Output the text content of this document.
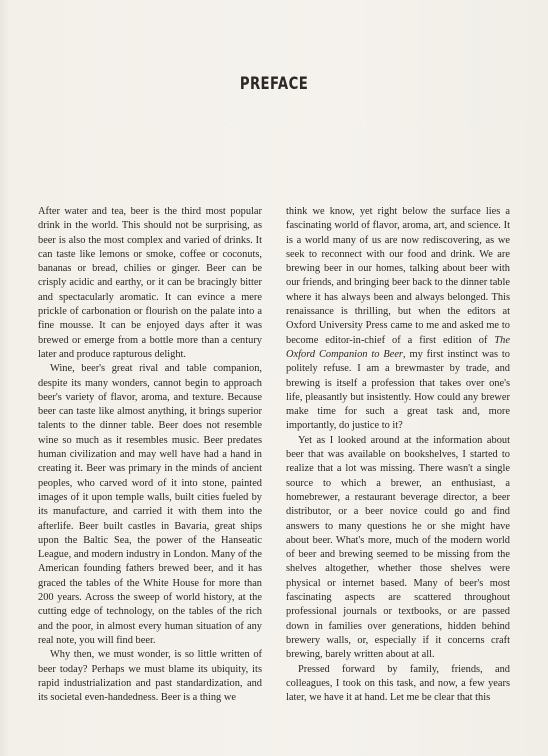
PREFACE

After water and tea, beer is the third most popular drink in the world. This should not be surprising, as beer is also the most complex and varied of drinks. It can taste like lemons or smoke, coffee or coconuts, bananas or bread, chilies or ginger. Beer can be crisply acidic and earthy, or it can be bracingly bitter and spectacularly aromatic. It can evince a mere prickle of carbonation or flourish on the palate into a fine mousse. It can be enjoyed days after it was brewed or emerge from a bottle more than a century later and produce rapturous delight.

Wine, beer's great rival and table companion, despite its many wonders, cannot begin to approach beer's variety of flavor, aroma, and texture. Because beer can taste like almost anything, it brings superior talents to the dinner table. Beer does not resemble wine so much as it resembles music. Beer predates human civilization and may well have had a hand in creating it. Beer was primary in the minds of ancient peoples, who carved word of it into stone, painted images of it upon temple walls, built cities fueled by its manufacture, and carried it with them into the afterlife. Beer built castles in Bavaria, great ships upon the Baltic Sea, the power of the Hanseatic League, and modern industry in London. Many of the American founding fathers brewed beer, and it has graced the tables of the White House for more than 200 years. Across the sweep of world history, at the cutting edge of technology, on the tables of the rich and the poor, in almost every human situation of any real note, you will find beer.

Why then, we must wonder, is so little written of beer today? Perhaps we must blame its ubiquity, its rapid industrialization and past standardization, and its societal even-handedness. Beer is a thing we

think we know, yet right below the surface lies a fascinating world of flavor, aroma, art, and science. It is a world many of us are now rediscovering, as we seek to reconnect with our food and drink. We are brewing beer in our homes, talking about beer with our friends, and bringing beer back to the dinner table where it has always been and always belonged. This renaissance is thrilling, but when the editors at Oxford University Press came to me and asked me to become editor-in-chief of a first edition of The Oxford Companion to Beer, my first instinct was to politely refuse. I am a brewmaster by trade, and brewing is itself a profession that takes over one's life, pleasantly but insistently. How could any brewer make time for such a great task and, more importantly, do justice to it?

Yet as I looked around at the information about beer that was available on bookshelves, I started to realize that a lot was missing. There wasn't a single source to which a brewer, an enthusiast, a homebrewer, a restaurant beverage director, a beer distributor, or a beer novice could go and find answers to many questions he or she might have about beer. What's more, much of the modern world of beer and brewing seemed to be missing from the shelves altogether, whether those shelves were physical or internet based. Many of beer's most fascinating aspects are scattered throughout professional journals or textbooks, or are passed down in families over generations, hidden behind brewery walls, or, especially if it concerns craft brewing, barely written about at all.

Pressed forward by family, friends, and colleagues, I took on this task, and now, a few years later, we have it at hand. Let me be clear that this
